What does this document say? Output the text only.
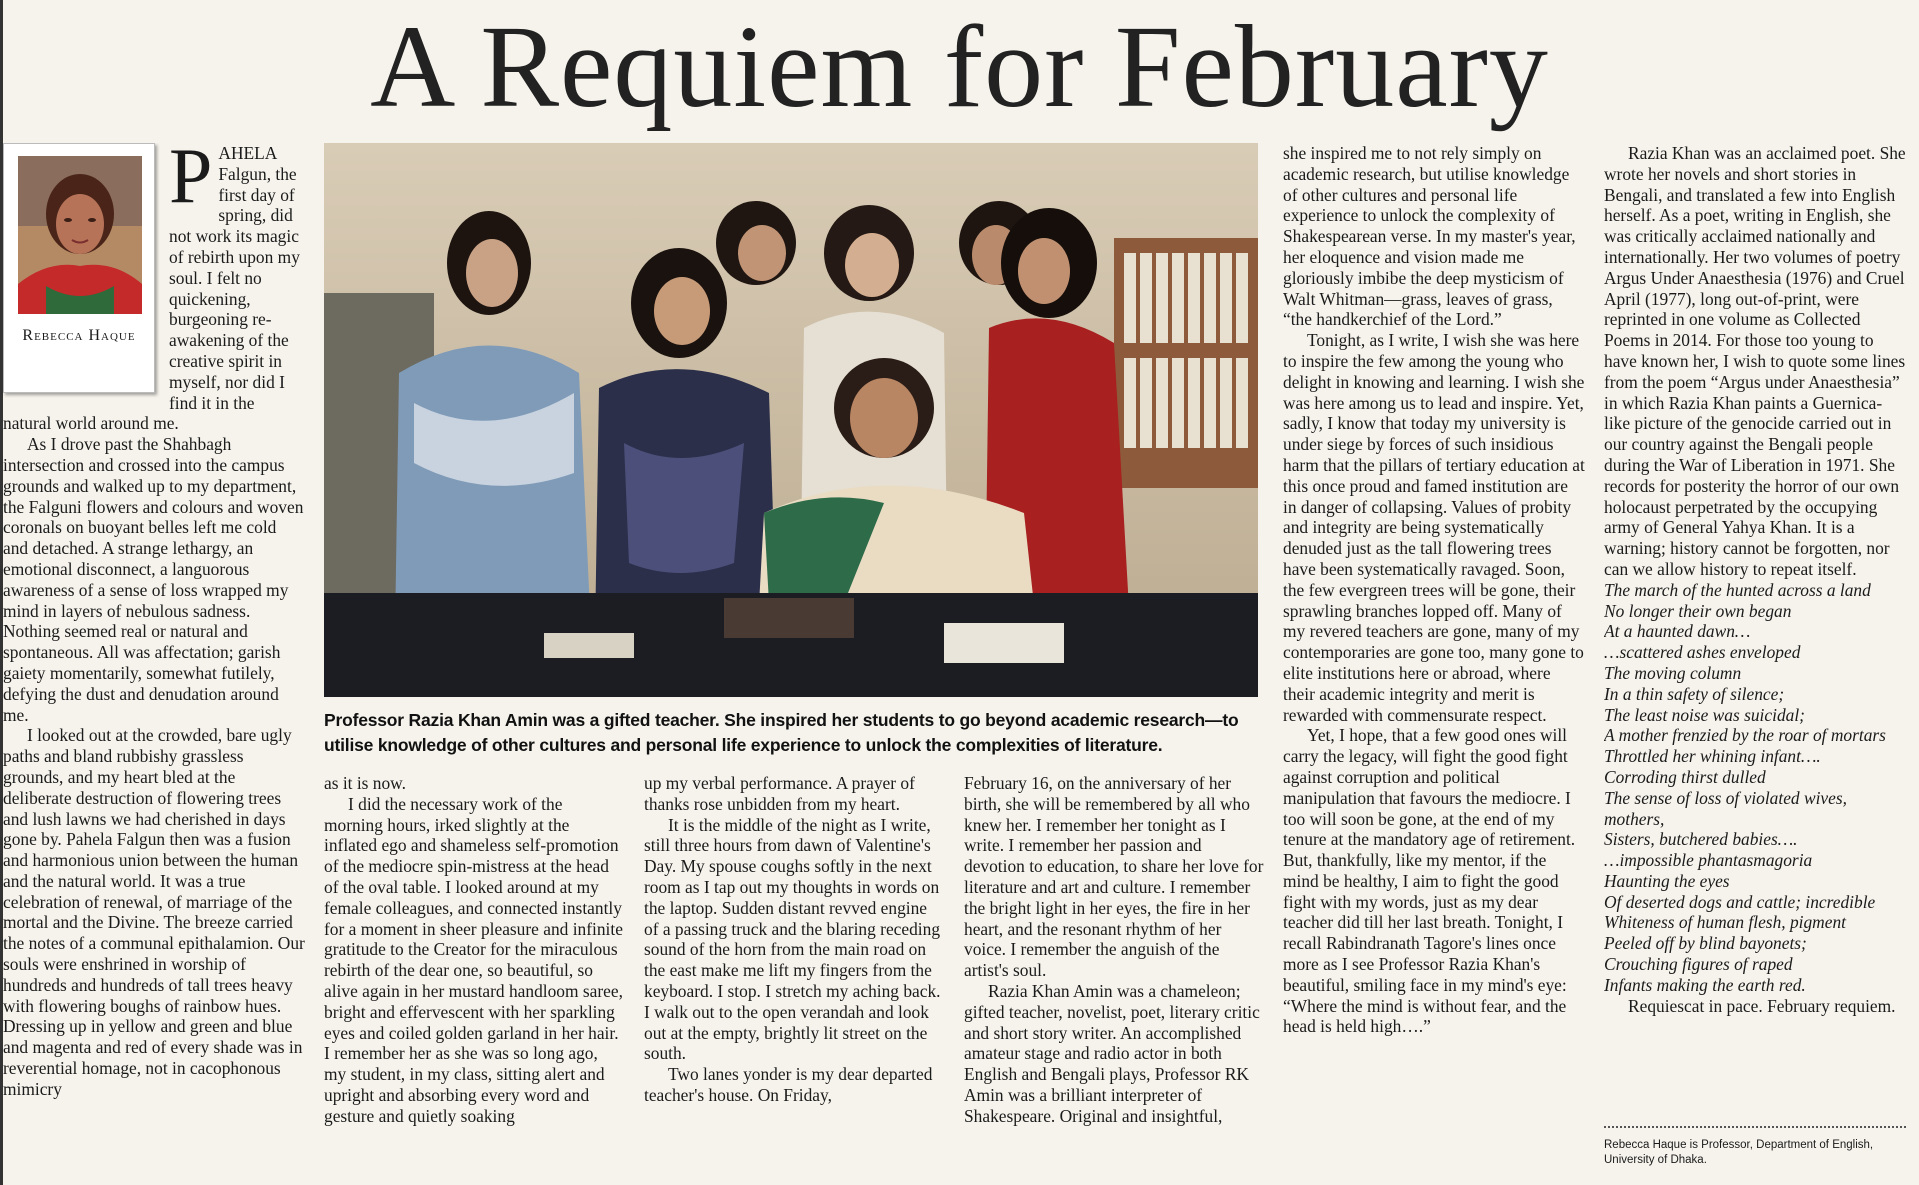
A Requiem for February
Rebecca Haque
P AHELA Falgun, the first day of spring, did not work its magic of rebirth upon my soul. I felt no quickening, burgeoning re-awakening of the creative spirit in myself, nor did I find it in the natural world around me.

As I drove past the Shahbagh intersection and crossed into the campus grounds and walked up to my department, the Falguni flowers and colours and woven coronals on buoyant belles left me cold and detached. A strange lethargy, an emotional disconnect, a languorous awareness of a sense of loss wrapped my mind in layers of nebulous sadness. Nothing seemed real or natural and spontaneous. All was affectation; garish gaiety momentarily, somewhat futilely, defying the dust and denudation around me.

I looked out at the crowded, bare ugly paths and bland rubbishy grassless grounds, and my heart bled at the deliberate destruction of flowering trees and lush lawns we had cherished in days gone by. Pahela Falgun then was a fusion and harmonious union between the human and the natural world. It was a true celebration of renewal, of marriage of the mortal and the Divine. The breeze carried the notes of a communal epithalamion. Our souls were enshrined in worship of hundreds and hundreds of tall trees heavy with flowering boughs of rainbow hues. Dressing up in yellow and green and blue and magenta and red of every shade was in reverential homage, not in cacophonous mimicry

Professor Razia Khan Amin was a gifted teacher. She inspired her students to go beyond academic research—to utilise knowledge of other cultures and personal life experience to unlock the complexities of literature.

as it is now.

I did the necessary work of the morning hours, irked slightly at the inflated ego and shameless self-promotion of the mediocre spin-mistress at the head of the oval table. I looked around at my female colleagues, and connected instantly for a moment in sheer pleasure and infinite gratitude to the Creator for the miraculous rebirth of the dear one, so beautiful, so alive again in her mustard handloom saree, bright and effervescent with her sparkling eyes and coiled golden garland in her hair. I remember her as she was so long ago, my student, in my class, sitting alert and upright and absorbing every word and gesture and quietly soaking

up my verbal performance. A prayer of thanks rose unbidden from my heart.

It is the middle of the night as I write, still three hours from dawn of Valentine's Day. My spouse coughs softly in the next room as I tap out my thoughts in words on the laptop. Sudden distant revved engine of a passing truck and the blaring receding sound of the horn from the main road on the east make me lift my fingers from the keyboard. I stop. I stretch my aching back. I walk out to the open verandah and look out at the empty, brightly lit street on the south.

Two lanes yonder is my dear departed teacher's house. On Friday,

February 16, on the anniversary of her birth, she will be remembered by all who knew her. I remember her tonight as I write. I remember her passion and devotion to education, to share her love for literature and art and culture. I remember the bright light in her eyes, the fire in her heart, and the resonant rhythm of her voice. I remember the anguish of the artist's soul.

Razia Khan Amin was a chameleon; gifted teacher, novelist, poet, literary critic and short story writer. An accomplished amateur stage and radio actor in both English and Bengali plays, Professor RK Amin was a brilliant interpreter of Shakespeare. Original and insightful,

she inspired me to not rely simply on academic research, but utilise knowledge of other cultures and personal life experience to unlock the complexity of Shakespearean verse. In my master's year, her eloquence and vision made me gloriously imbibe the deep mysticism of Walt Whitman—grass, leaves of grass, “the handkerchief of the Lord.”

Tonight, as I write, I wish she was here to inspire the few among the young who delight in knowing and learning. I wish she was here among us to lead and inspire. Yet, sadly, I know that today my university is under siege by forces of such insidious harm that the pillars of tertiary education at this once proud and famed institution are in danger of collapsing. Values of probity and integrity are being systematically denuded just as the tall flowering trees have been systematically ravaged. Soon, the few evergreen trees will be gone, their sprawling branches lopped off. Many of my revered teachers are gone, many of my contemporaries are gone too, many gone to elite institutions here or abroad, where their academic integrity and merit is rewarded with commensurate respect.

Yet, I hope, that a few good ones will carry the legacy, will fight the good fight against corruption and political manipulation that favours the mediocre. I too will soon be gone, at the end of my tenure at the mandatory age of retirement. But, thankfully, like my mentor, if the mind be healthy, I aim to fight the good fight with my words, just as my dear teacher did till her last breath. Tonight, I recall Rabindranath Tagore's lines once more as I see Professor Razia Khan's beautiful, smiling face in my mind's eye: “Where the mind is without fear, and the head is held high….”

Razia Khan was an acclaimed poet. She wrote her novels and short stories in Bengali, and translated a few into English herself. As a poet, writing in English, she was critically acclaimed nationally and internationally. Her two volumes of poetry Argus Under Anaesthesia (1976) and Cruel April (1977), long out-of-print, were reprinted in one volume as Collected Poems in 2014. For those too young to have known her, I wish to quote some lines from the poem “Argus under Anaesthesia” in which Razia Khan paints a Guernica-like picture of the genocide carried out in our country against the Bengali people during the War of Liberation in 1971. She records for posterity the horror of our own holocaust perpetrated by the occupying army of General Yahya Khan. It is a warning; history cannot be forgotten, nor can we allow history to repeat itself.

The march of the hunted across a land

No longer their own began

At a haunted dawn…

…scattered ashes enveloped

The moving column

In a thin safety of silence;

The least noise was suicidal;

A mother frenzied by the roar of mortars

Throttled her whining infant….

Corroding thirst dulled

The sense of loss of violated wives,

mothers,

Sisters, butchered babies….

…impossible phantasmagoria

Haunting the eyes

Of deserted dogs and cattle; incredible

Whiteness of human flesh, pigment

Peeled off by blind bayonets;

Crouching figures of raped

Infants making the earth red.

Requiescat in pace. February requiem.

Rebecca Haque is Professor, Department of English, University of Dhaka.
